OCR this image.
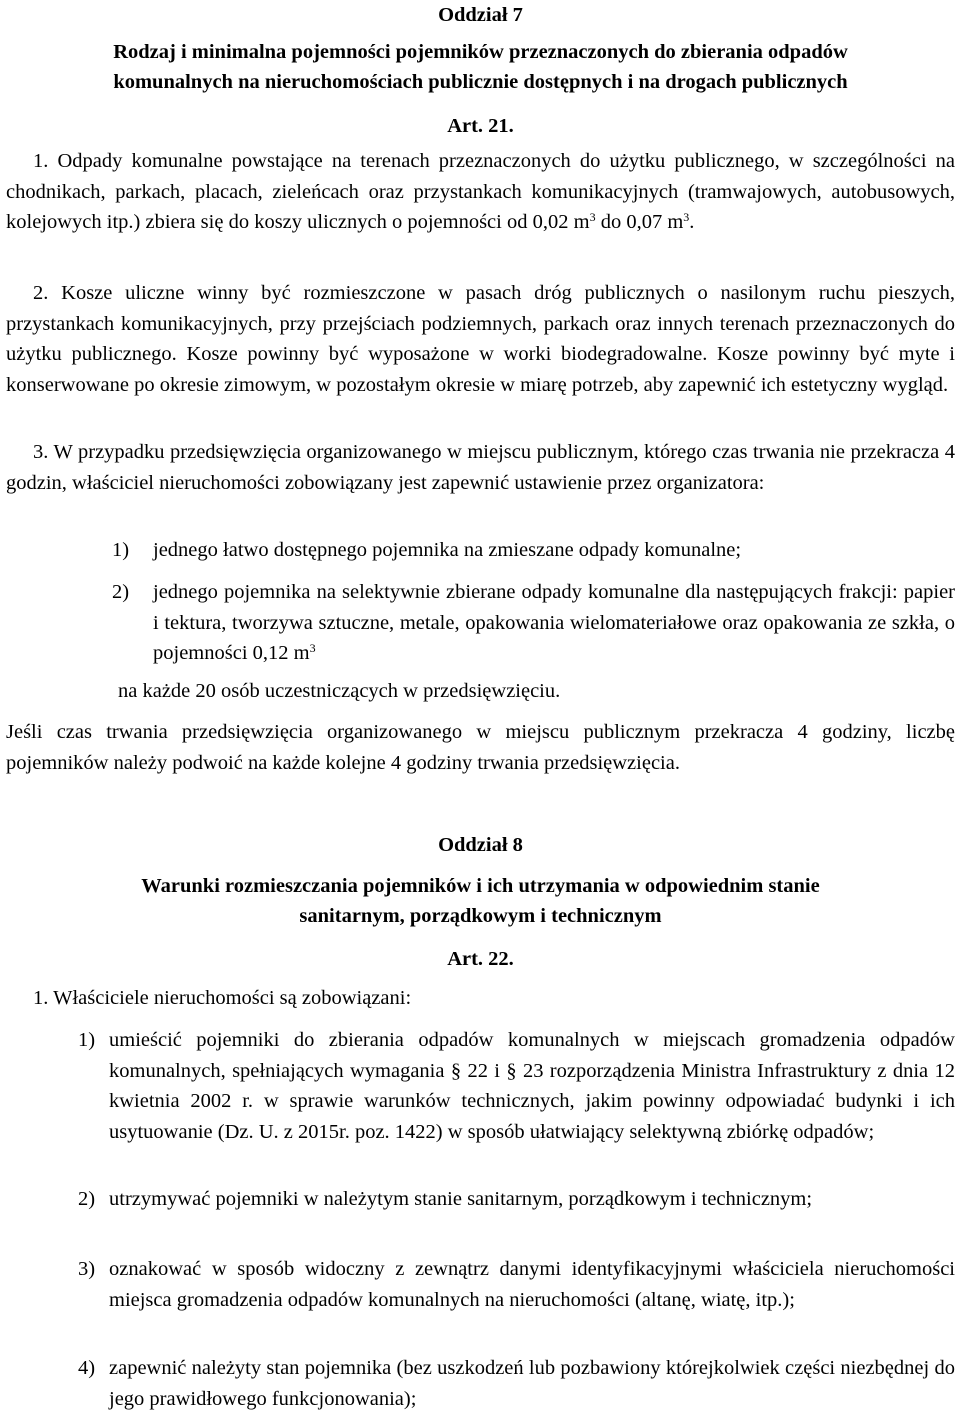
Oddział 7
Rodzaj i minimalna pojemności pojemników przeznaczonych do zbierania odpadów
komunalnych na nieruchomościach publicznie dostępnych i na drogach publicznych
Art. 21.

1. Odpady komunalne powstające na terenach przeznaczonych do użytku publicznego, w szczególności na chodnikach, parkach, placach, zieleńcach oraz przystankach komunikacyjnych (tramwajowych, autobusowych, kolejowych itp.) zbiera się do koszy ulicznych o pojemności od 0,02 $m^3$ do 0,07 $m^3$.

2. Kosze uliczne winny być rozmieszczone w pasach dróg publicznych o nasilonym ruchu pieszych, przystankach komunikacyjnych, przy przejściach podziemnych, parkach oraz innych terenach przeznaczonych do użytku publicznego. Kosze powinny być wyposażone w worki biodegradowalne. Kosze powinny być myte i konserwowane po okresie zimowym, w pozostałym okresie w miarę potrzeb, aby zapewnić ich estetyczny wygląd.

3. W przypadku przedsięwzięcia organizowanego w miejscu publicznym, którego czas trwania nie przekracza 4 godzin, właściciel nieruchomości zobowiązany jest zapewnić ustawienie przez organizatora:

1) jednego łatwo dostępnego pojemnika na zmieszane odpady komunalne;
2) jednego pojemnika na selektywnie zbierane odpady komunalne dla następujących frakcji: papier i tektura, tworzywa sztuczne, metale, opakowania wielomateriałowe oraz opakowania ze szkła, o pojemności 0,12 $m^3$
na każde 20 osób uczestniczących w przedsięwzięciu.

Jeśli czas trwania przedsięwzięcia organizowanego w miejscu publicznym przekracza 4 godziny, liczbę pojemników należy podwoić na każde kolejne 4 godziny trwania przedsięwzięcia.

Oddział 8
Warunki rozmieszczania pojemników i ich utrzymania w odpowiednim stanie
sanitarnym, porządkowym i technicznym
Art. 22.
1. Właściciele nieruchomości są zobowiązani:
1) umieścić pojemniki do zbierania odpadów komunalnych w miejscach gromadzenia odpadów komunalnych, spełniających wymagania § 22 i § 23 rozporządzenia Ministra Infrastruktury z dnia 12 kwietnia 2002 r. w sprawie warunków technicznych, jakim powinny odpowiadać budynki i ich usytuowanie (Dz. U. z 2015r. poz. 1422) w sposób ułatwiający selektywną zbiórkę odpadów;
2) utrzymywać pojemniki w należytym stanie sanitarnym, porządkowym i technicznym;
3) oznakować w sposób widoczny z zewnątrz danymi identyfikacyjnymi właściciela nieruchomości miejsca gromadzenia odpadów komunalnych na nieruchomości (altanę, wiatę, itp.);
4) zapewnić należyty stan pojemnika (bez uszkodzeń lub pozbawiony którejkolwiek części niezbędnej do jego prawidłowego funkcjonowania);
